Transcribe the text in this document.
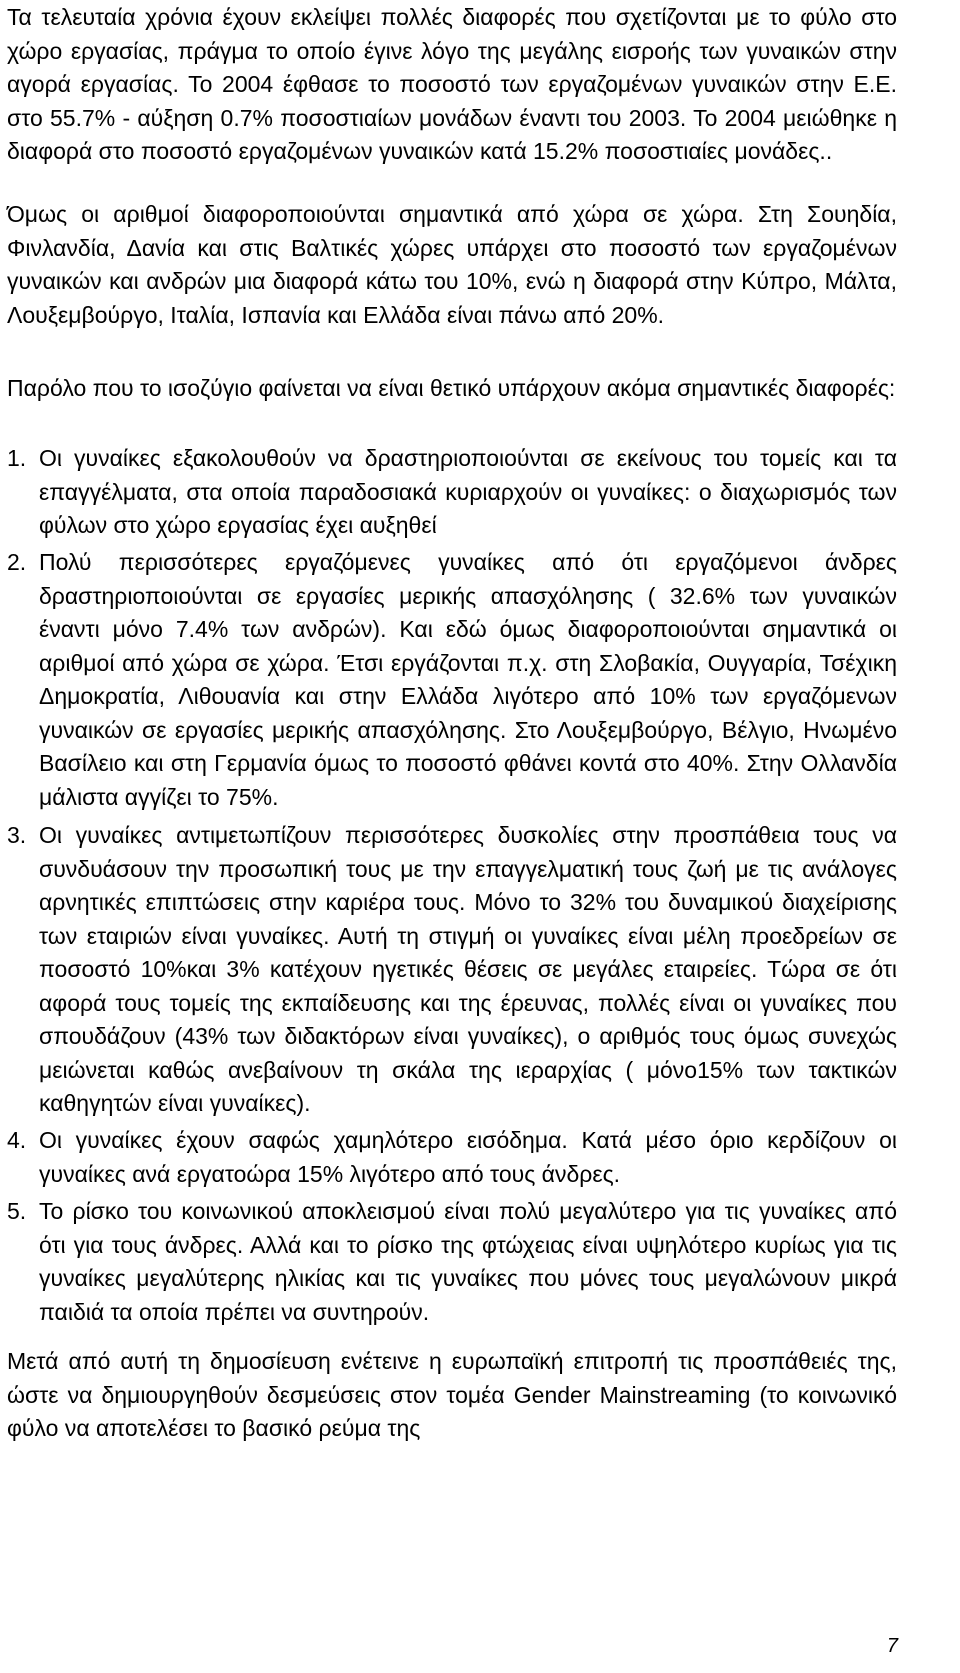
Τα τελευταία χρόνια έχουν εκλείψει πολλές διαφορές που σχετίζονται με το φύλο στο χώρο εργασίας, πράγμα το οποίο έγινε λόγο της μεγάλης εισροής των γυναικών στην αγορά εργασίας. Το 2004 έφθασε το ποσοστό των εργαζομένων γυναικών στην Ε.Ε. στο 55.7% - αύξηση 0.7% ποσοστιαίων μονάδων έναντι του 2003. Το 2004 μειώθηκε η διαφορά στο ποσοστό εργαζομένων γυναικών κατά 15.2% ποσοστιαίες μονάδες..

Όμως οι αριθμοί διαφοροποιούνται σημαντικά από χώρα σε χώρα. Στη Σουηδία, Φινλανδία, Δανία και στις Βαλτικές χώρες υπάρχει στο ποσοστό των εργαζομένων γυναικών και ανδρών μια διαφορά κάτω του 10%, ενώ η διαφορά στην Κύπρο, Μάλτα, Λουξεμβούργο, Ιταλία, Ισπανία και Ελλάδα είναι πάνω από 20%.

Παρόλο που το ισοζύγιο φαίνεται να είναι θετικό υπάρχουν ακόμα σημαντικές διαφορές:

1. Οι γυναίκες εξακολουθούν να δραστηριοποιούνται σε εκείνους του τομείς και τα επαγγέλματα, στα οποία παραδοσιακά κυριαρχούν οι γυναίκες: ο διαχωρισμός των φύλων στο χώρο εργασίας έχει αυξηθεί
2. Πολύ περισσότερες εργαζόμενες γυναίκες από ότι εργαζόμενοι άνδρες δραστηριοποιούνται σε εργασίες μερικής απασχόλησης ( 32.6% των γυναικών έναντι μόνο 7.4% των ανδρών). Και εδώ όμως διαφοροποιούνται σημαντικά οι αριθμοί από χώρα σε χώρα. Έτσι εργάζονται π.χ. στη Σλοβακία, Ουγγαρία, Τσέχικη Δημοκρατία, Λιθουανία και στην Ελλάδα λιγότερο από 10% των εργαζόμενων γυναικών σε εργασίες μερικής απασχόλησης. Στο Λουξεμβούργο, Βέλγιο, Ηνωμένο Βασίλειο και στη Γερμανία όμως το ποσοστό φθάνει κοντά στο 40%. Στην Ολλανδία μάλιστα αγγίζει το 75%.
3. Οι γυναίκες αντιμετωπίζουν περισσότερες δυσκολίες στην προσπάθεια τους να συνδυάσουν την προσωπική τους με την επαγγελματική τους ζωή με τις ανάλογες αρνητικές επιπτώσεις στην καριέρα τους. Μόνο το 32% του δυναμικού διαχείρισης των εταιριών είναι γυναίκες. Αυτή τη στιγμή οι γυναίκες είναι μέλη προεδρείων σε ποσοστό 10%και 3% κατέχουν ηγετικές θέσεις σε μεγάλες εταιρείες. Τώρα σε ότι αφορά τους τομείς της εκπαίδευσης και της έρευνας, πολλές είναι οι γυναίκες που σπουδάζουν (43% των διδακτόρων είναι γυναίκες), ο αριθμός τους όμως συνεχώς μειώνεται καθώς ανεβαίνουν τη σκάλα της ιεραρχίας ( μόνο15% των τακτικών καθηγητών είναι γυναίκες).
4. Οι γυναίκες έχουν σαφώς χαμηλότερο εισόδημα. Κατά μέσο όριο κερδίζουν οι γυναίκες ανά εργατοώρα 15% λιγότερο από τους άνδρες.
5. Το ρίσκο του κοινωνικού αποκλεισμού είναι πολύ μεγαλύτερο για τις γυναίκες από ότι για τους άνδρες. Αλλά και το ρίσκο της φτώχειας είναι υψηλότερο κυρίως για τις γυναίκες μεγαλύτερης ηλικίας και τις γυναίκες που μόνες τους μεγαλώνουν μικρά παιδιά τα οποία πρέπει να συντηρούν.

Μετά από αυτή τη δημοσίευση ενέτεινε η ευρωπαϊκή επιτροπή τις προσπάθειές της, ώστε να δημιουργηθούν δεσμεύσεις στον τομέα Gender Mainstreaming (το κοινωνικό φύλο να αποτελέσει το βασικό ρεύμα της

7
